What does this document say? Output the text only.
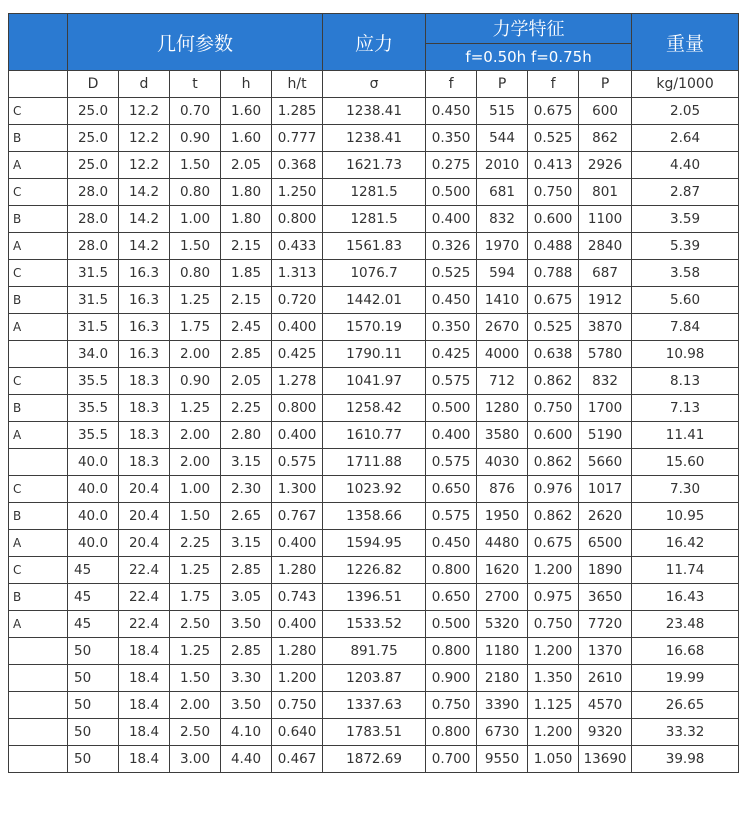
	几何参数					应力	力学特征				重量
							f=0.50h f=0.75h				
	D	d	t	h	h/t	σ	f	P	f	P	kg/1000
C	25.0	12.2	0.70	1.60	1.285	1238.41	0.450	515	0.675	600	2.05
B	25.0	12.2	0.90	1.60	0.777	1238.41	0.350	544	0.525	862	2.64
A	25.0	12.2	1.50	2.05	0.368	1621.73	0.275	2010	0.413	2926	4.40
C	28.0	14.2	0.80	1.80	1.250	1281.5	0.500	681	0.750	801	2.87
B	28.0	14.2	1.00	1.80	0.800	1281.5	0.400	832	0.600	1100	3.59
A	28.0	14.2	1.50	2.15	0.433	1561.83	0.326	1970	0.488	2840	5.39
C	31.5	16.3	0.80	1.85	1.313	1076.7	0.525	594	0.788	687	3.58
B	31.5	16.3	1.25	2.15	0.720	1442.01	0.450	1410	0.675	1912	5.60
A	31.5	16.3	1.75	2.45	0.400	1570.19	0.350	2670	0.525	3870	7.84
	34.0	16.3	2.00	2.85	0.425	1790.11	0.425	4000	0.638	5780	10.98
C	35.5	18.3	0.90	2.05	1.278	1041.97	0.575	712	0.862	832	8.13
B	35.5	18.3	1.25	2.25	0.800	1258.42	0.500	1280	0.750	1700	7.13
A	35.5	18.3	2.00	2.80	0.400	1610.77	0.400	3580	0.600	5190	11.41
	40.0	18.3	2.00	3.15	0.575	1711.88	0.575	4030	0.862	5660	15.60
C	40.0	20.4	1.00	2.30	1.300	1023.92	0.650	876	0.976	1017	7.30
B	40.0	20.4	1.50	2.65	0.767	1358.66	0.575	1950	0.862	2620	10.95
A	40.0	20.4	2.25	3.15	0.400	1594.95	0.450	4480	0.675	6500	16.42
C	45	22.4	1.25	2.85	1.280	1226.82	0.800	1620	1.200	1890	11.74
B	45	22.4	1.75	3.05	0.743	1396.51	0.650	2700	0.975	3650	16.43
A	45	22.4	2.50	3.50	0.400	1533.52	0.500	5320	0.750	7720	23.48
	50	18.4	1.25	2.85	1.280	891.75	0.800	1180	1.200	1370	16.68
	50	18.4	1.50	3.30	1.200	1203.87	0.900	2180	1.350	2610	19.99
	50	18.4	2.00	3.50	0.750	1337.63	0.750	3390	1.125	4570	26.65
	50	18.4	2.50	4.10	0.640	1783.51	0.800	6730	1.200	9320	33.32
	50	18.4	3.00	4.40	0.467	1872.69	0.700	9550	1.050	13690	39.98
